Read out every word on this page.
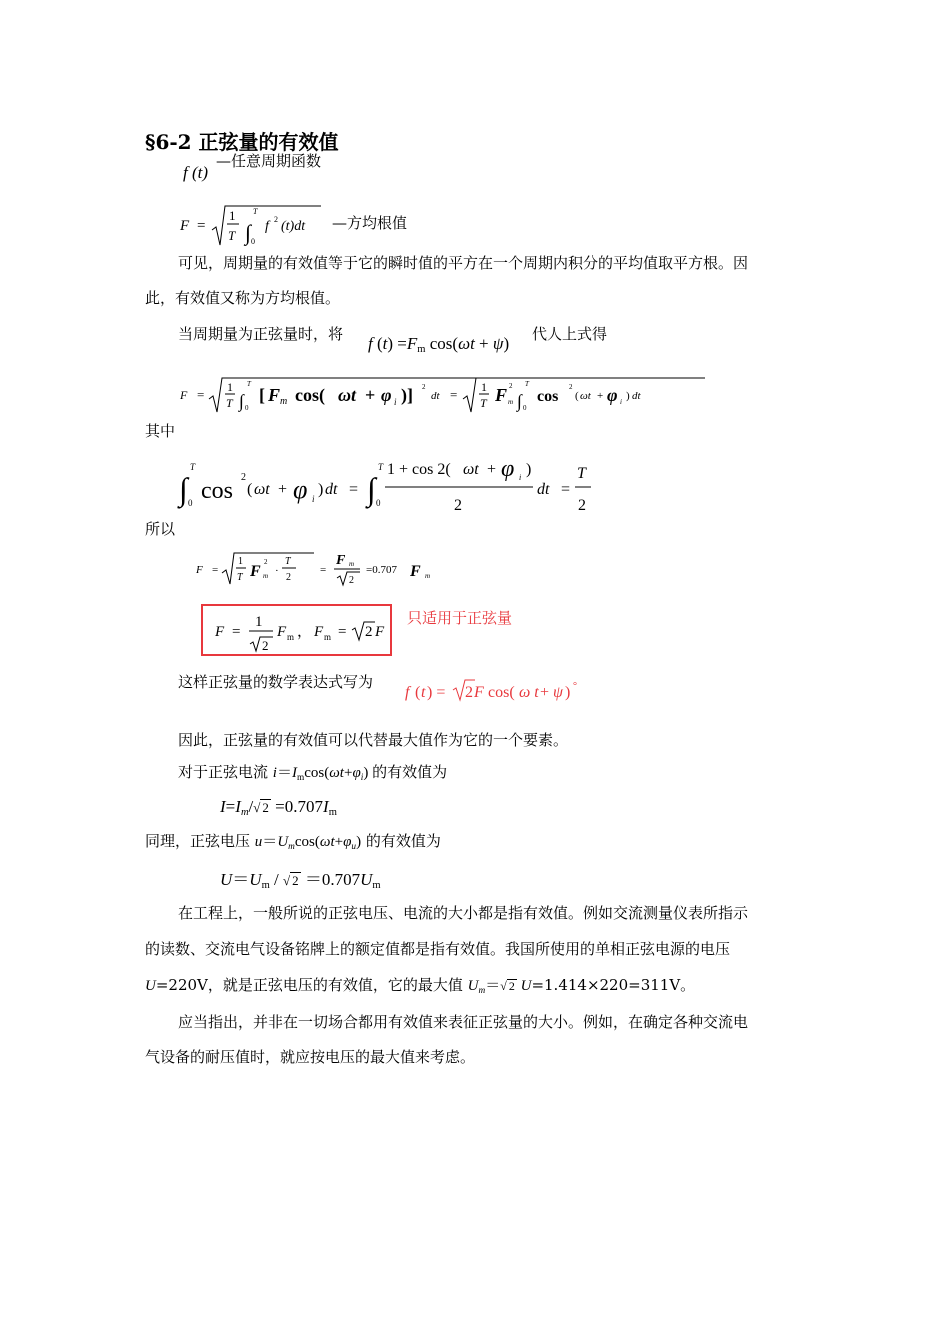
§6-2 正弦量的有效值
f (t)
—任意周期函数
F =
1
T ∫
T
0
f 2 (t)dt —方均根值
可见，周期量的有效值等于它的瞬时值的平方在一个周期内积分的平均值取平方根。因
此，有效值又称为方均根值。
当周期量为正弦量时，将 f $(t) =F_m$ cos(ωt + ψ) 代人上式得
F = 1
T ∫
T
0
[ F m cos( ωt + φ i )] 2
dt = 1
T F 2
m ∫
T
0
cos
2
( ωt + φ i ) dt
其中
∫
T
0 cos
2
( ωt + φ i
) dt = ∫
T
0
1 + cos 2( ωt + φ i )
2
dt =
T
2
所以
F =
1
T F
2
m ·
T
2
=
F m
2
=0.707 F m
F =
1
2
F m ， F m = 2 F
只适用于正弦量
这样正弦量的数学表达式写为
f ( t ) = 2 F cos( ω t + ψ ) °
因此，正弦量的有效值可以代替最大值作为它的一个要素。
对于正弦电流 $i=I_m\cos(\omega t+\varphi_i)$ 的有效值为
$I=I_m/√$ $2 =0.707I_m$
同理，正弦电压 $u=U_m\cos(\omega t+\varphi_u)$ 的有效值为
$U=U_m$ / √ $2 =0.707U_m$
在工程上，一般所说的正弦电压、电流的大小都是指有效值。例如交流测量仪表所指示
的读数、交流电气设备铭牌上的额定值都是指有效值。我国所使用的单相正弦电源的电压
U=220V，就是正弦电压的有效值，它的最大值 $U_m=√$ 2 U=1.414×220=311V。
应当指出，并非在一切场合都用有效值来表征正弦量的大小。例如，在确定各种交流电
气设备的耐压值时，就应按电压的最大值来考虑。
